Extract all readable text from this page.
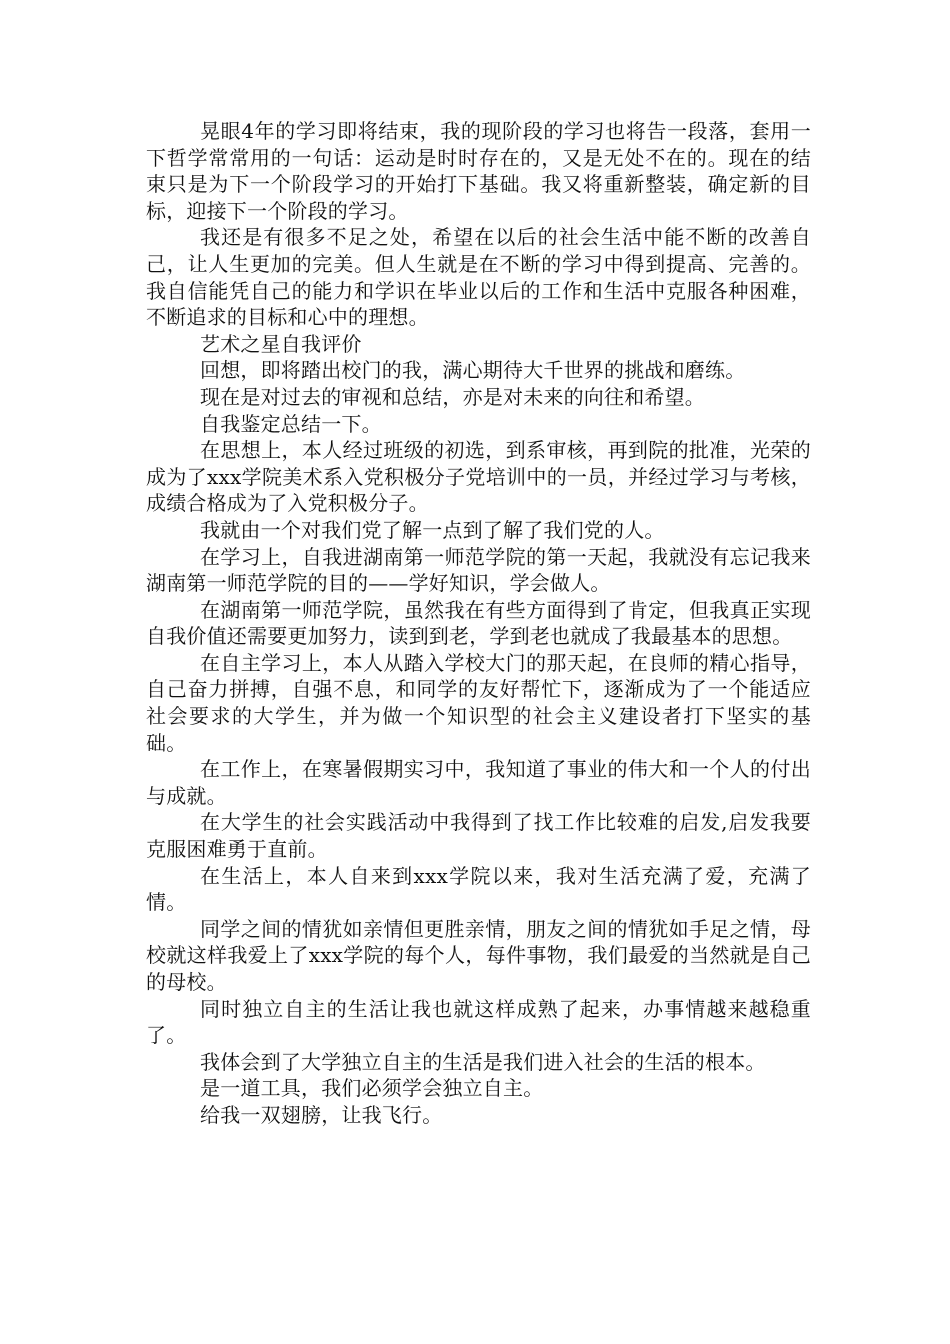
晃眼4年的学习即将结束，我的现阶段的学习也将告一段落，套用一下哲学常常用的一句话：运动是时时存在的，又是无处不在的。现在的结束只是为下一个阶段学习的开始打下基础。我又将重新整装，确定新的目标，迎接下一个阶段的学习。

我还是有很多不足之处，希望在以后的社会生活中能不断的改善自己，让人生更加的完美。但人生就是在不断的学习中得到提高、完善的。我自信能凭自己的能力和学识在毕业以后的工作和生活中克服各种困难，不断追求的目标和心中的理想。

艺术之星自我评价

回想，即将踏出校门的我，满心期待大千世界的挑战和磨练。

现在是对过去的审视和总结，亦是对未来的向往和希望。

自我鉴定总结一下。

在思想上，本人经过班级的初选，到系审核，再到院的批准，光荣的成为了xxx学院美术系入党积极分子党培训中的一员，并经过学习与考核，成绩合格成为了入党积极分子。

我就由一个对我们党了解一点到了解了我们党的人。

在学习上，自我进湖南第一师范学院的第一天起，我就没有忘记我来湖南第一师范学院的目的——学好知识，学会做人。

在湖南第一师范学院，虽然我在有些方面得到了肯定，但我真正实现自我价值还需要更加努力，读到到老，学到老也就成了我最基本的思想。

在自主学习上，本人从踏入学校大门的那天起，在良师的精心指导，自己奋力拼搏，自强不息，和同学的友好帮忙下，逐渐成为了一个能适应社会要求的大学生，并为做一个知识型的社会主义建设者打下坚实的基础。

在工作上，在寒暑假期实习中，我知道了事业的伟大和一个人的付出与成就。

在大学生的社会实践活动中我得到了找工作比较难的启发,启发我要克服困难勇于直前。

在生活上，本人自来到xxx学院以来，我对生活充满了爱，充满了情。

同学之间的情犹如亲情但更胜亲情，朋友之间的情犹如手足之情，母校就这样我爱上了xxx学院的每个人，每件事物，我们最爱的当然就是自己的母校。

同时独立自主的生活让我也就这样成熟了起来，办事情越来越稳重了。

我体会到了大学独立自主的生活是我们进入社会的生活的根本。

是一道工具，我们必须学会独立自主。

给我一双翅膀，让我飞行。
